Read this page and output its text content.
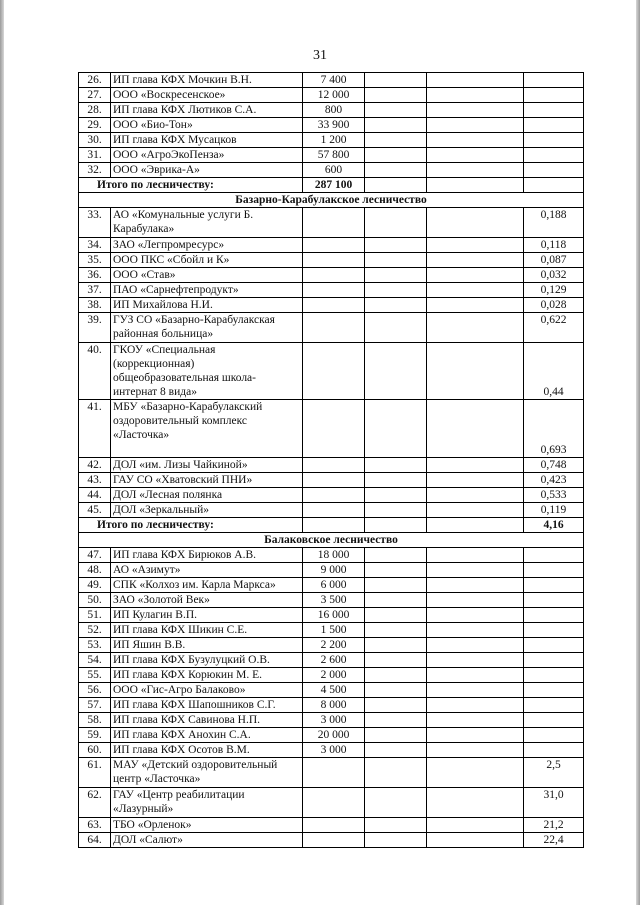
31
26.	ИП глава КФХ Мочкин В.Н.	7 400			
27.	ООО «Воскресенское»	12 000			
28.	ИП глава КФХ Лютиков С.А.	800			
29.	ООО «Био-Тон»	33 900			
30.	ИП глава КФХ Мусацков	1 200			
31.	ООО «АгроЭкоПенза»	57 800			
32.	ООО «Эврика-А»	600			
Итого по лесничеству:		287 100			
Базарно-Карабулакское лесничество					
33.	АО «Комунальные услуги Б. Карабулака»				0,188
34.	ЗАО «Легпромресурс»				0,118
35.	ООО ПКС «Сбойл и К»				0,087
36.	ООО «Став»				0,032
37.	ПАО «Сарнефтепродукт»				0,129
38.	ИП Михайлова Н.И.				0,028
39.	ГУЗ СО «Базарно-Карабулакская районная больница»				0,622
40.	ГКОУ «Специальная (коррекционная) общеобразовательная школа-интернат 8 вида»				0,44
41.	МБУ «Базарно-Карабулакский оздоровительный комплекс «Ласточка»				0,693
42.	ДОЛ «им. Лизы Чайкиной»				0,748
43.	ГАУ СО «Хватовский ПНИ»				0,423
44.	ДОЛ «Лесная полянка				0,533
45.	ДОЛ «Зеркальный»				0,119
Итого по лесничеству:					4,16
Балаковское лесничество					
47.	ИП глава КФХ Бирюков А.В.	18 000			
48.	АО «Азимут»	9 000			
49.	СПК «Колхоз им. Карла Маркса»	6 000			
50.	ЗАО «Золотой Век»	3 500			
51.	ИП Кулагин В.П.	16 000			
52.	ИП глава КФХ Шикин С.Е.	1 500			
53.	ИП Яшин В.В.	2 200			
54.	ИП глава КФХ Бузулуцкий О.В.	2 600			
55.	ИП глава КФХ Корюкин М. Е.	2 000			
56.	ООО «Гис-Агро Балаково»	4 500			
57.	ИП глава КФХ Шапошников С.Г.	8 000			
58.	ИП глава КФХ Савинова Н.П.	3 000			
59.	ИП глава КФХ Анохин С.А.	20 000			
60.	ИП глава КФХ Осотов В.М.	3 000			
61.	МАУ «Детский оздоровительный центр «Ласточка»				2,5
62.	ГАУ «Центр реабилитации «Лазурный»				31,0
63.	ТБО «Орленок»				21,2
64.	ДОЛ «Салют»				22,4
